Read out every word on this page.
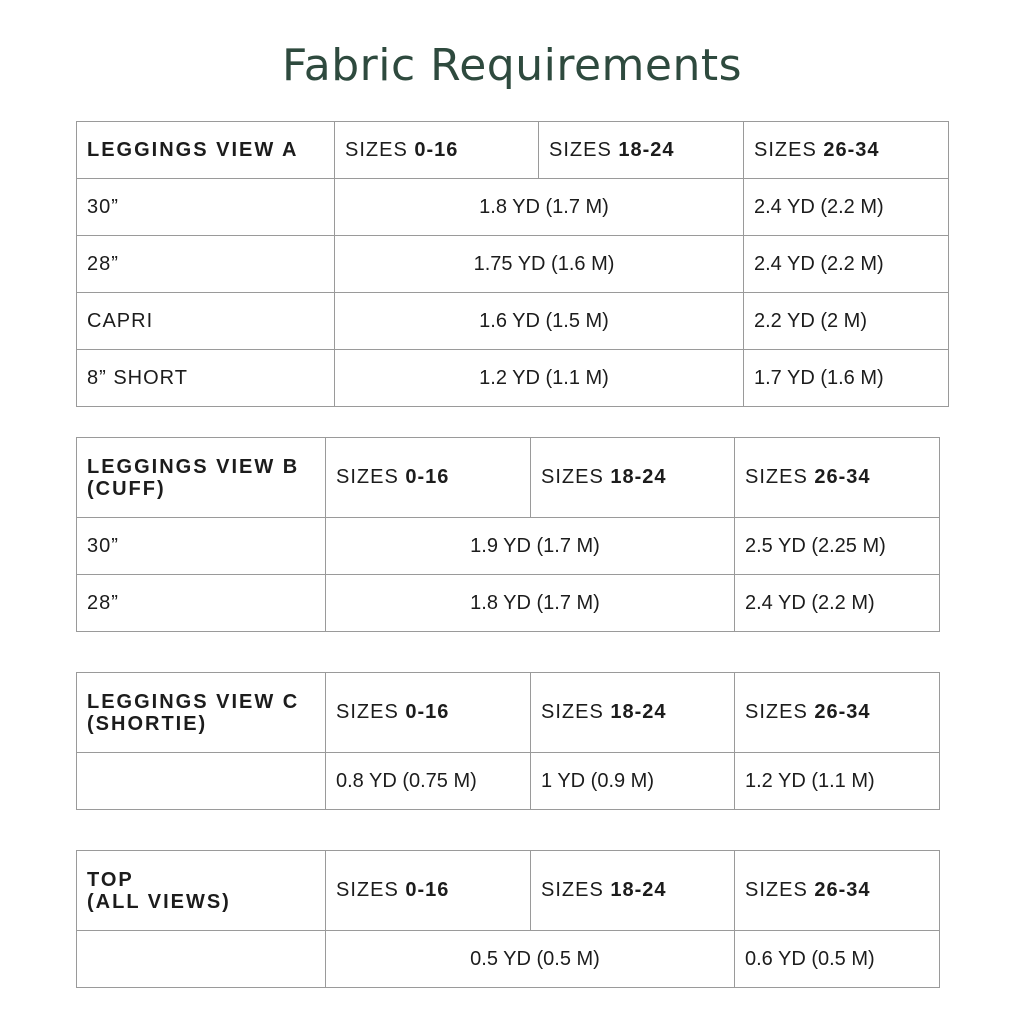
Fabric Requirements
LEGGINGS VIEW A	SIZES 0-16	SIZES 18-24	SIZES 26-34
30”	1.8 YD (1.7 M)		2.4 YD (2.2 M)
28”	1.75 YD (1.6 M)		2.4 YD (2.2 M)
CAPRI	1.6 YD (1.5 M)		2.2 YD (2 M)
8” SHORT	1.2 YD (1.1 M)		1.7 YD (1.6 M)
LEGGINGS VIEW B
(CUFF)	SIZES 0-16	SIZES 18-24	SIZES 26-34
30”	1.9 YD (1.7 M)		2.5 YD (2.25 M)
28”	1.8 YD (1.7 M)		2.4 YD (2.2 M)
LEGGINGS VIEW C
(SHORTIE)	SIZES 0-16	SIZES 18-24	SIZES 26-34
	0.8 YD (0.75 M)	1 YD (0.9 M)	1.2 YD (1.1 M)
TOP
(ALL VIEWS)	SIZES 0-16	SIZES 18-24	SIZES 26-34
	0.5 YD (0.5 M)		0.6 YD (0.5 M)
